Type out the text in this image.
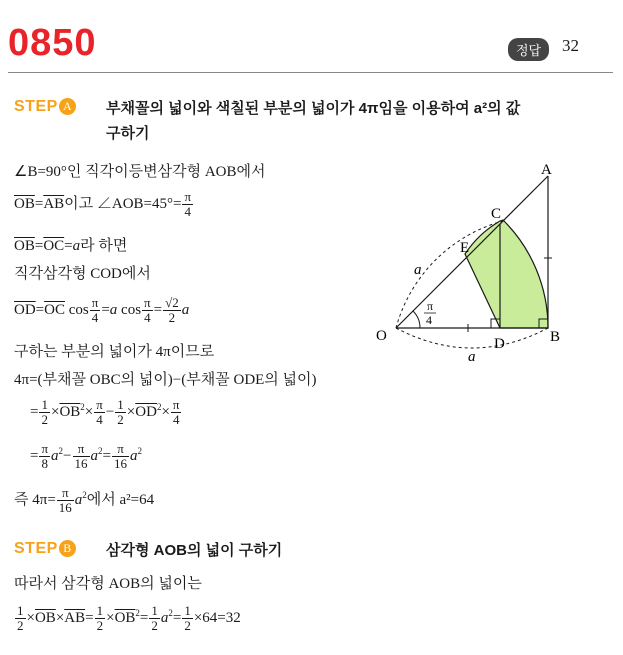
0850	정답	32
STEP A 부채꼴의 넓이와 색칠된 부분의 넓이가 4π임을 이용하여 a²의 값
구하기
∠B=90°인 직각이등변삼각형 AOB에서
$\overline{OB}=\overline{AB}$이고 ∠AOB=45°= $\frac{\pi}{4}$
$\overline{OB}=\overline{OC}=a$라 하면
직각삼각형 COD에서
$\overline{OD}=\overline{OC}$ $\cos \frac{\pi}{4} =a$ $\cos \frac{\pi}{4} = \frac{√2}{2}$ a
구하는 부분의 넓이가 4π이므로
4π=(부채꼴 OBC의 넓이)−(부채꼴 ODE의 넓이)
= $\frac{1}{2} \times\overline{OB}^2\times \frac{\pi}{4} - \frac{1}{2} \times\overline{OD}^2\times \frac{\pi}{4}$
= $\frac{\pi}{8} a^2- \frac{\pi}{16} a^2= \frac{\pi}{16} a^2$
즉 $4\pi= \frac{\pi}{16} a^2$에서 a²=64
STEP B	삼각형 AOB의 넓이 구하기
따라서 삼각형 AOB의 넓이는
$\frac{1}{2} \times\overline{OB}\times\overline{AB}= \frac{1}{2} \times\overline{OB}^2= \frac{1}{2} a^2= \frac{1}{2} \times 64=32$
A
C
E
O	D	B
a
a
π
4
